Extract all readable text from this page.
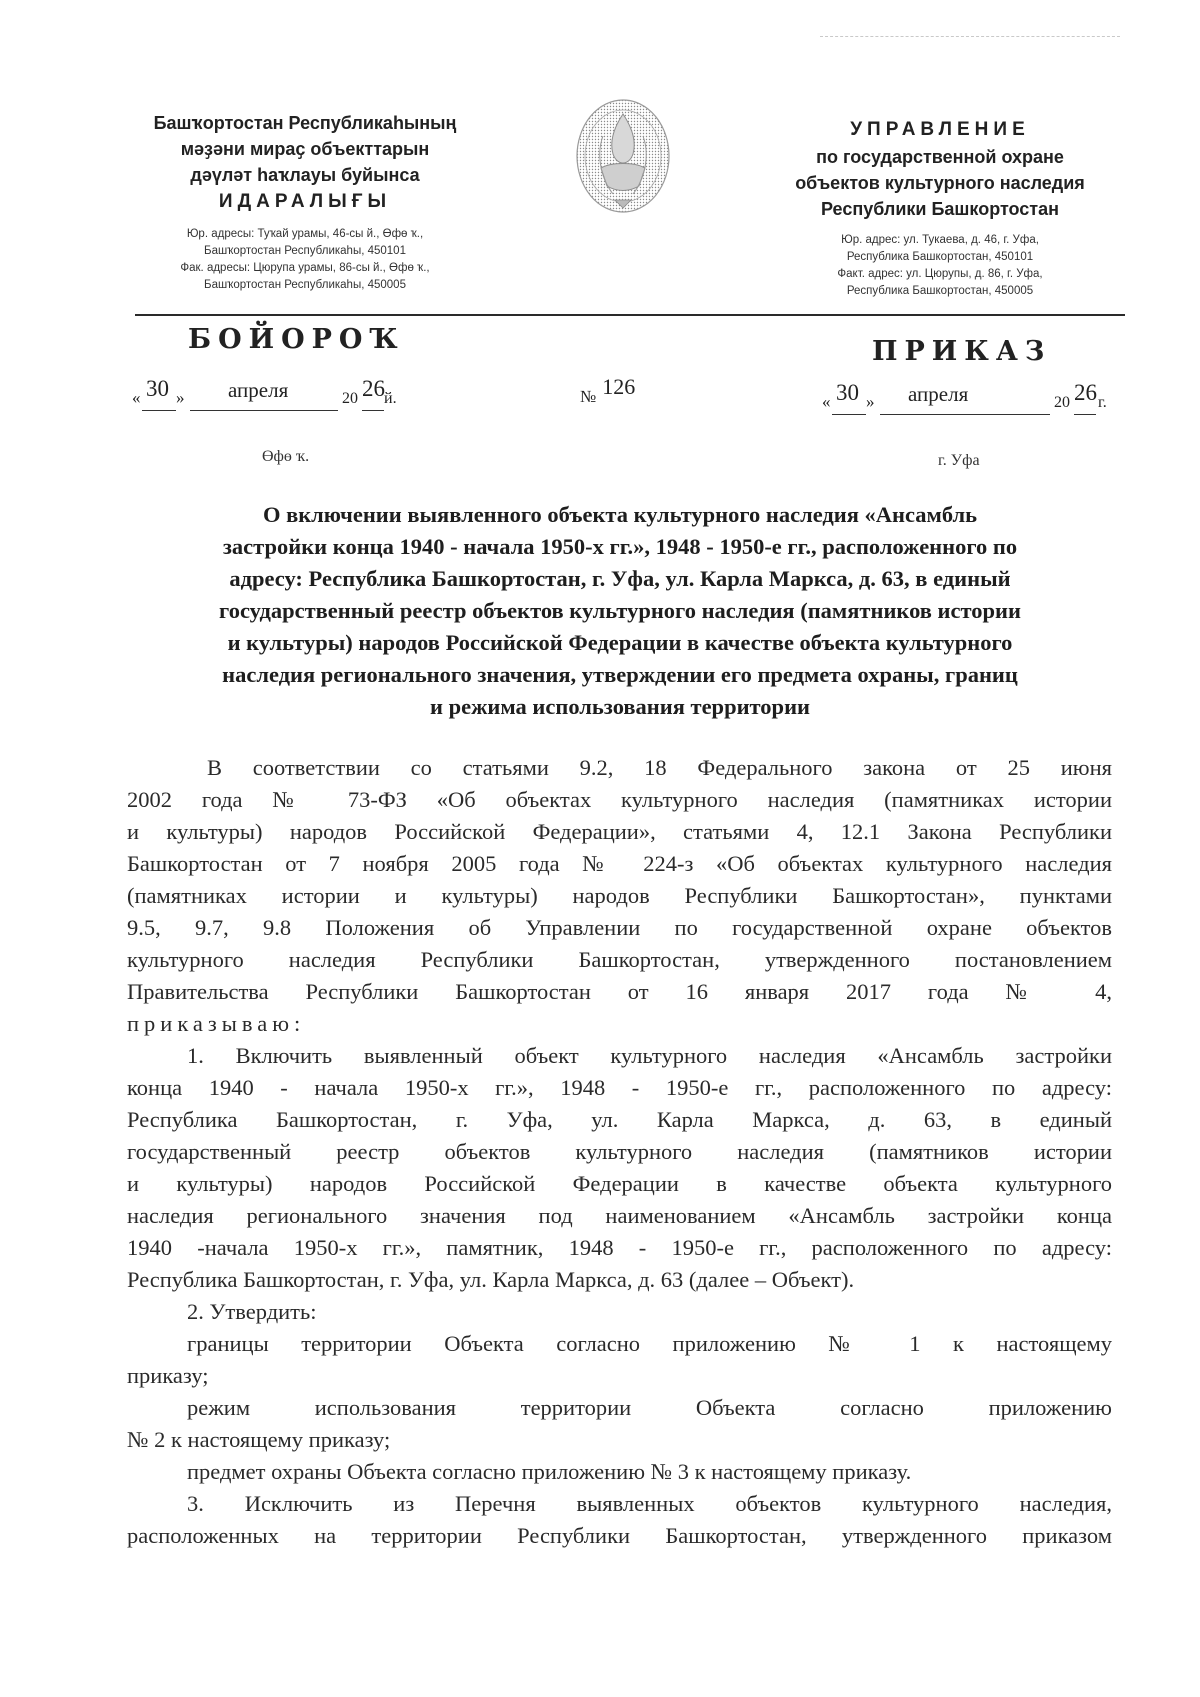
Башҡортостан Республикаһының
мәҙәни мираҫ объекттарын
дәүләт һаҡлауы буйынса
ИДАРАЛЫҒЫ
Юр. адресы: Туҡай урамы, 46-сы й., Өфө ҡ.,
Башҡортостан Республикаһы, 450101
Фак. адресы: Цюрупа урамы, 86-сы й., Өфө ҡ.,
Башҡортостан Республикаһы, 450005
УПРАВЛЕНИЕ
по государственной охране
объектов культурного наследия
Республики Башкортостан
Юр. адрес: ул. Тукаева, д. 46, г. Уфа,
Республика Башкортостан, 450101
Факт. адрес: ул. Цюрупы, д. 86, г. Уфа,
Республика Башкортостан, 450005
БОЙОРОҠ	ПРИКАЗ
« 30 » апреля	20 26 й.	№ 126
« 30 » апреля	20 26 г.
Өфө ҡ.	г. Уфа
О включении выявленного объекта культурного наследия «Ансамбль
застройки конца 1940 - начала 1950-х гг.», 1948 - 1950-е гг., расположенного по
адресу: Республика Башкортостан, г. Уфа, ул. Карла Маркса, д. 63, в единый
государственный реестр объектов культурного наследия (памятников истории
и культуры) народов Российской Федерации в качестве объекта культурного
наследия регионального значения, утверждении его предмета охраны, границ
и режима использования территории
В соответствии со статьями 9.2, 18 Федерального закона от 25 июня
2002 года № 73-ФЗ «Об объектах культурного наследия (памятниках истории
и культуры) народов Российской Федерации», статьями 4, 12.1 Закона Республики
Башкортостан от 7 ноября 2005 года № 224-з «Об объектах культурного наследия
(памятниках истории и культуры) народов Республики Башкортостан», пунктами
9.5, 9.7, 9.8 Положения об Управлении по государственной охране объектов
культурного наследия Республики Башкортостан, утвержденного постановлением
Правительства Республики Башкортостан от 16 января 2017 года № 4,
приказываю:
1. Включить выявленный объект культурного наследия «Ансамбль застройки
конца 1940 - начала 1950-х гг.», 1948 - 1950-е гг., расположенного по адресу:
Республика Башкортостан, г. Уфа, ул. Карла Маркса, д. 63, в единый
государственный реестр объектов культурного наследия (памятников истории
и культуры) народов Российской Федерации в качестве объекта культурного
наследия регионального значения под наименованием «Ансамбль застройки конца
1940 -начала 1950-х гг.», памятник, 1948 - 1950-е гг., расположенного по адресу:
Республика Башкортостан, г. Уфа, ул. Карла Маркса, д. 63 (далее – Объект).
2. Утвердить:
границы территории Объекта согласно приложению № 1 к настоящему
приказу;
режим использования территории Объекта согласно приложению
№ 2 к настоящему приказу;
предмет охраны Объекта согласно приложению № 3 к настоящему приказу.
3. Исключить из Перечня выявленных объектов культурного наследия,
расположенных на территории Республики Башкортостан, утвержденного приказом
